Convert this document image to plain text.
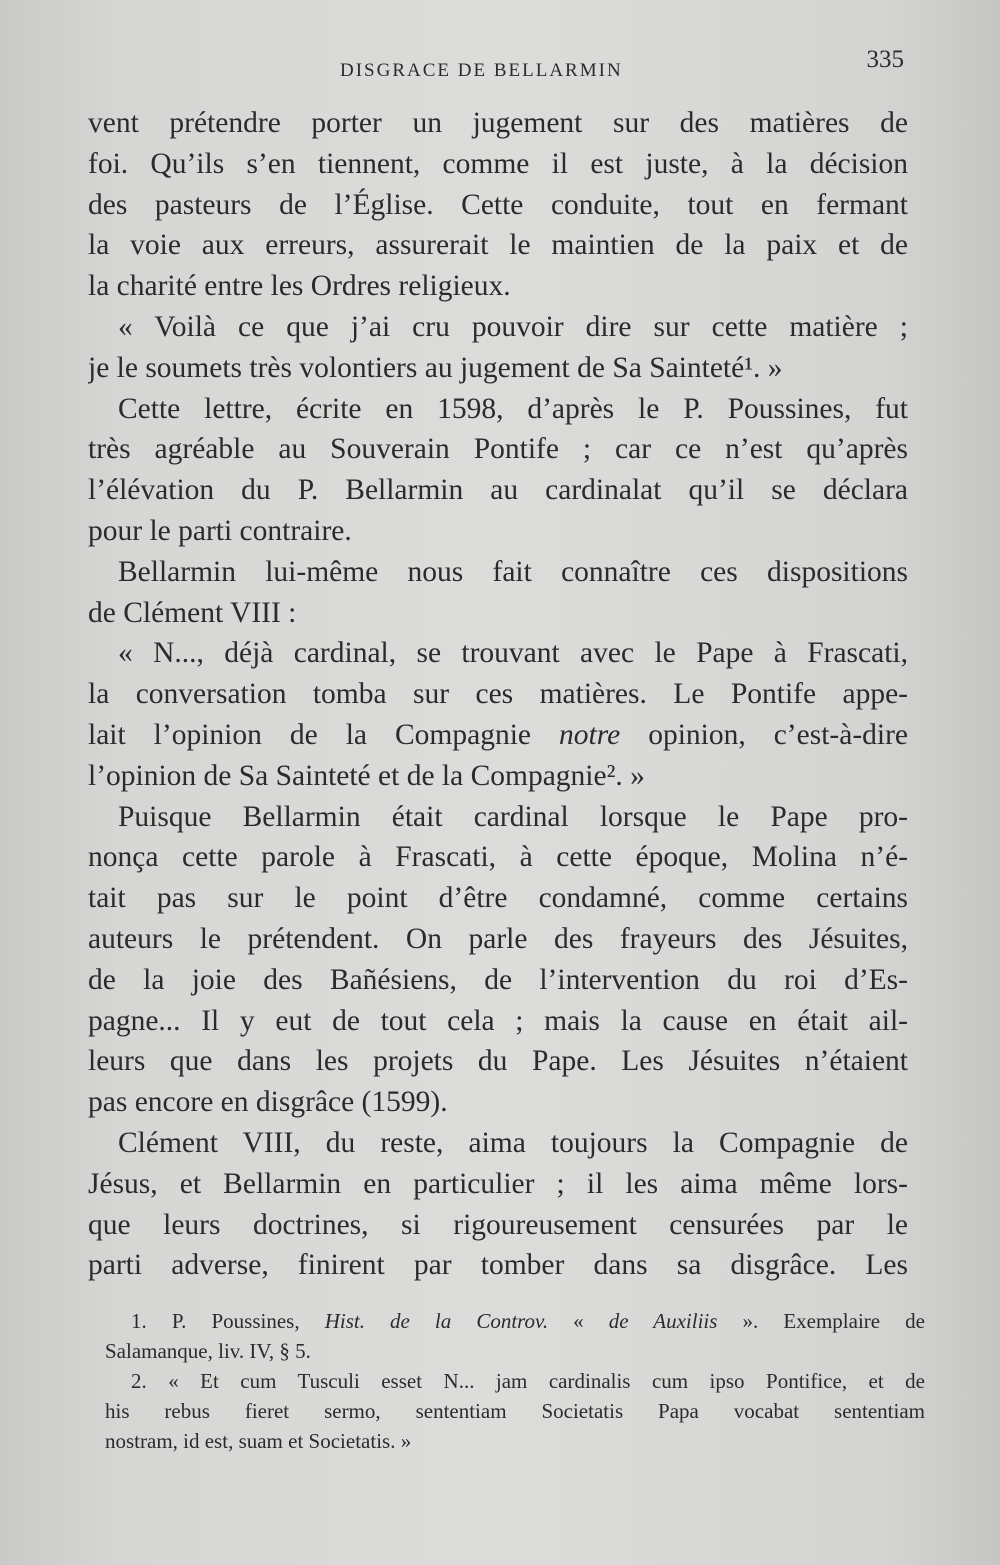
DISGRACE DE BELLARMIN	335
vent prétendre porter un jugement sur des matières de
foi. Qu’ils s’en tiennent, comme il est juste, à la décision
des pasteurs de l’Église. Cette conduite, tout en fermant
la voie aux erreurs, assurerait le maintien de la paix et de
la charité entre les Ordres religieux.
« Voilà ce que j’ai cru pouvoir dire sur cette matière ;
je le soumets très volontiers au jugement de Sa Sainteté¹. »
Cette lettre, écrite en 1598, d’après le P. Poussines, fut
très agréable au Souverain Pontife ; car ce n’est qu’après
l’élévation du P. Bellarmin au cardinalat qu’il se déclara
pour le parti contraire.
Bellarmin lui-même nous fait connaître ces dispositions
de Clément VIII :
« N..., déjà cardinal, se trouvant avec le Pape à Frascati,
la conversation tomba sur ces matières. Le Pontife appe-
lait l’opinion de la Compagnie notre opinion, c’est-à-dire
l’opinion de Sa Sainteté et de la Compagnie². »
Puisque Bellarmin était cardinal lorsque le Pape pro-
nonça cette parole à Frascati, à cette époque, Molina n’é-
tait pas sur le point d’être condamné, comme certains
auteurs le prétendent. On parle des frayeurs des Jésuites,
de la joie des Bañésiens, de l’intervention du roi d’Es-
pagne... Il y eut de tout cela ; mais la cause en était ail-
leurs que dans les projets du Pape. Les Jésuites n’étaient
pas encore en disgrâce (1599).
Clément VIII, du reste, aima toujours la Compagnie de
Jésus, et Bellarmin en particulier ; il les aima même lors-
que leurs doctrines, si rigoureusement censurées par le
parti adverse, finirent par tomber dans sa disgrâce. Les
1. P. Poussines, Hist. de la Controv. « de Auxiliis ». Exemplaire de
Salamanque, liv. IV, § 5.
2. « Et cum Tusculi esset N... jam cardinalis cum ipso Pontifice, et de
his rebus fieret sermo, sententiam Societatis Papa vocabat sententiam
nostram, id est, suam et Societatis. »
